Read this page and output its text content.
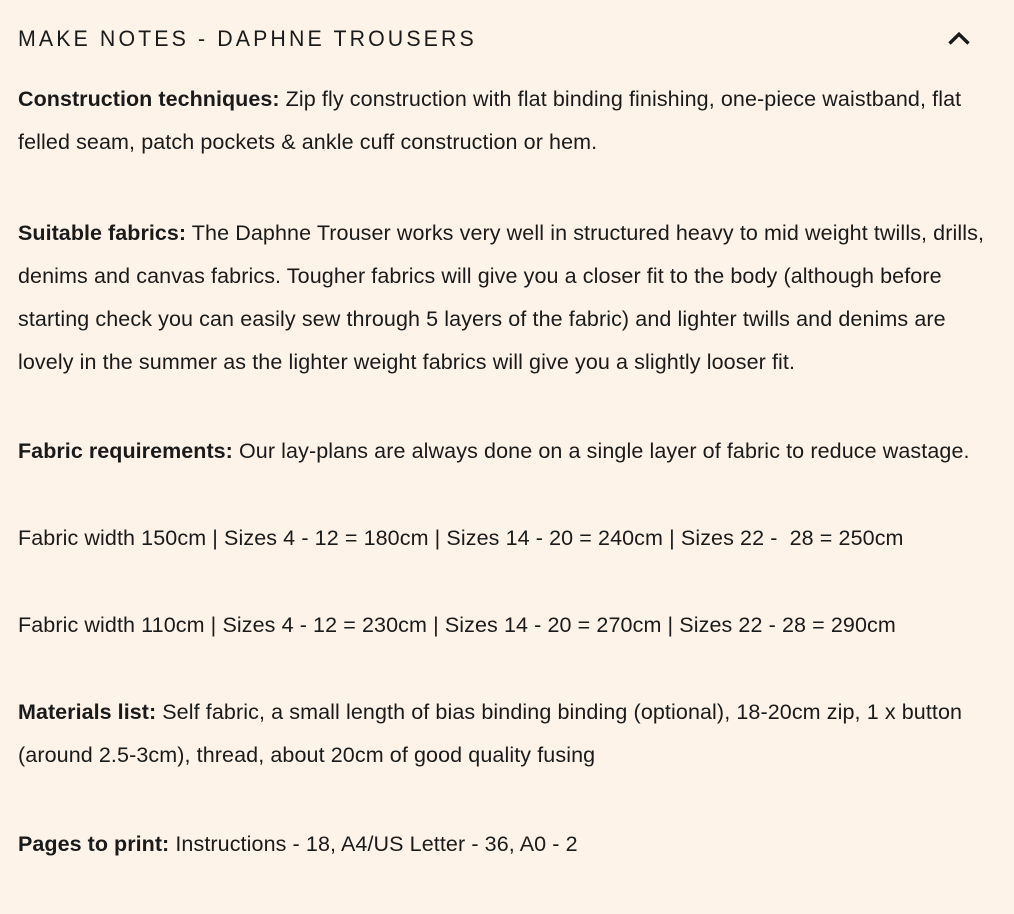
MAKE NOTES - DAPHNE TROUSERS

Construction techniques: Zip fly construction with flat binding finishing, one-piece waistband, flat felled seam, patch pockets & ankle cuff construction or hem.

Suitable fabrics: The Daphne Trouser works very well in structured heavy to mid weight twills, drills, denims and canvas fabrics. Tougher fabrics will give you a closer fit to the body (although before starting check you can easily sew through 5 layers of the fabric) and lighter twills and denims are lovely in the summer as the lighter weight fabrics will give you a slightly looser fit.

Fabric requirements: Our lay-plans are always done on a single layer of fabric to reduce wastage.

Fabric width 150cm | Sizes 4 - 12 = 180cm | Sizes 14 - 20 = 240cm | Sizes 22 -  28 = 250cm

Fabric width 110cm | Sizes 4 - 12 = 230cm | Sizes 14 - 20 = 270cm | Sizes 22 - 28 = 290cm

Materials list: Self fabric, a small length of bias binding binding (optional), 18-20cm zip, 1 x button (around 2.5-3cm), thread, about 20cm of good quality fusing

Pages to print: Instructions - 18, A4/US Letter - 36, A0 - 2
